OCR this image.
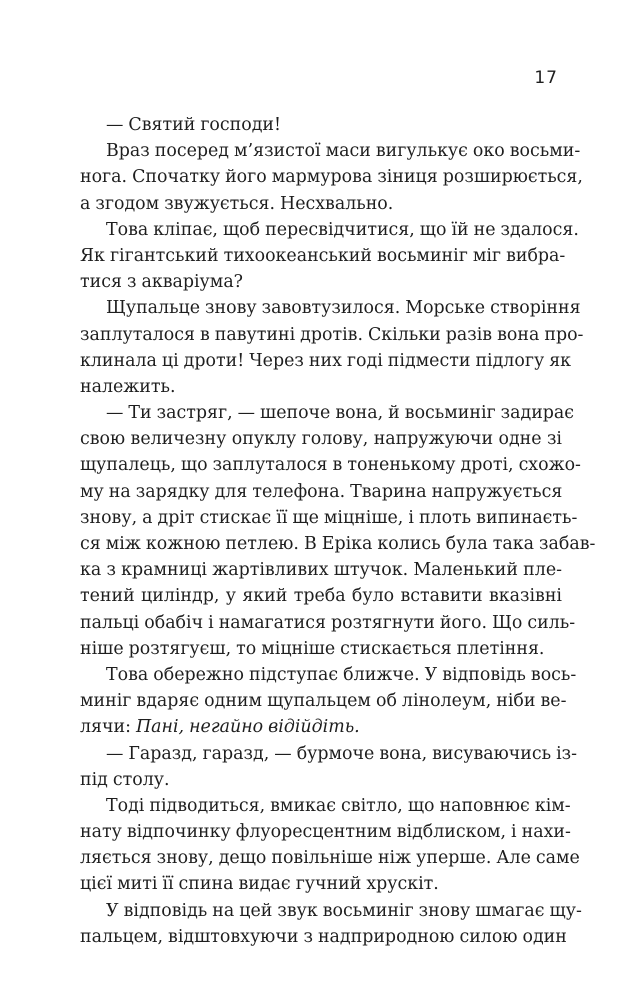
17
— Святий господи!
Враз посеред м’язистої маси вигулькує око восьми-
нога. Спочатку його мармурова зіниця розширюється,
а згодом звужується. Несхвально.
Това кліпає, щоб пересвідчитися, що їй не здалося.
Як гігантський тихоокеанський восьминіг міг вибра-
тися з акваріума?
Щупальце знову завовтузилося. Морське створіння
заплуталося в павутині дротів. Скільки разів вона про-
клинала ці дроти! Через них годі підмести підлогу як
належить.
— Ти застряг, — шепоче вона, й восьминіг задирає
свою величезну опуклу голову, напружуючи одне зі
щупалець, що заплуталося в тоненькому дроті, схожо-
му на зарядку для телефона. Тварина напружується
знову, а дріт стискає її ще міцніше, і плоть випинаєть-
ся між кожною петлею. В Еріка колись була така забав-
ка з крамниці жартівливих штучок. Маленький пле-
тений циліндр, у який треба було вставити вказівні
пальці обабіч і намагатися розтягнути його. Що силь-
ніше розтягуєш, то міцніше стискається плетіння.
Това обережно підступає ближче. У відповідь вось-
минiг вдаряє одним щупальцем об лінолеум, ніби ве-
лячи: Пані, негайно відійдіть.
— Гаразд, гаразд, — бурмоче вона, висуваючись із-
під столу.
Тоді підводиться, вмикає світло, що наповнює кім-
нату відпочинку флуоресцентним відблиском, і нахи-
ляється знову, дещо повільніше ніж уперше. Але саме
цієї миті її спина видає гучний хрускіт.
У відповідь на цей звук восьминіг знову шмагає щу-
пальцем, відштовхуючи з надприродною силою один
